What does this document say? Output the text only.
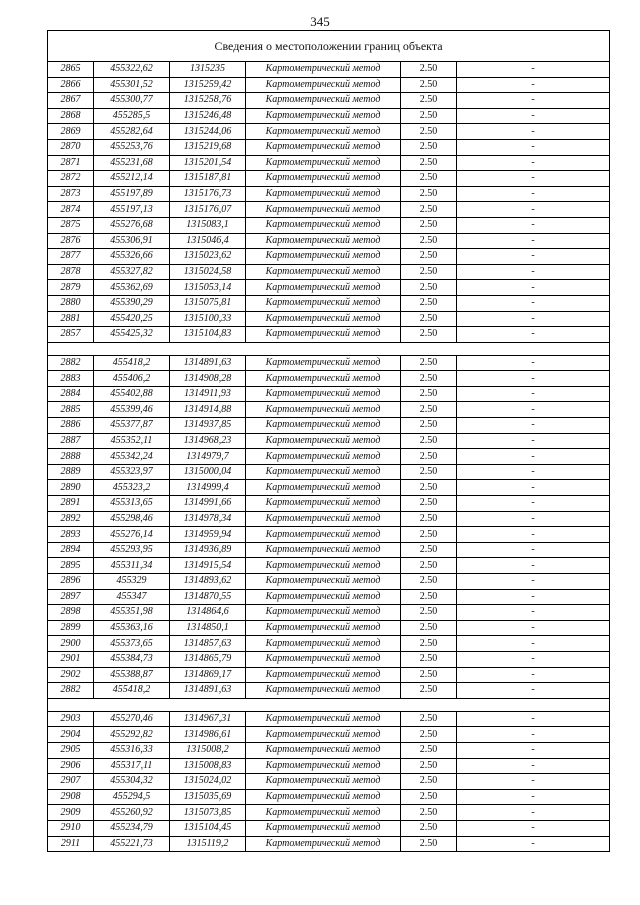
345
Сведения о местоположении границ объекта					
2865	455322,62	1315235	Картометрический метод	2.50	-
2866	455301,52	1315259,42	Картометрический метод	2.50	-
2867	455300,77	1315258,76	Картометрический метод	2.50	-
2868	455285,5	1315246,48	Картометрический метод	2.50	-
2869	455282,64	1315244,06	Картометрический метод	2.50	-
2870	455253,76	1315219,68	Картометрический метод	2.50	-
2871	455231,68	1315201,54	Картометрический метод	2.50	-
2872	455212,14	1315187,81	Картометрический метод	2.50	-
2873	455197,89	1315176,73	Картометрический метод	2.50	-
2874	455197,13	1315176,07	Картометрический метод	2.50	-
2875	455276,68	1315083,1	Картометрический метод	2.50	-
2876	455306,91	1315046,4	Картометрический метод	2.50	-
2877	455326,66	1315023,62	Картометрический метод	2.50	-
2878	455327,82	1315024,58	Картометрический метод	2.50	-
2879	455362,69	1315053,14	Картометрический метод	2.50	-
2880	455390,29	1315075,81	Картометрический метод	2.50	-
2881	455420,25	1315100,33	Картометрический метод	2.50	-
2857	455425,32	1315104,83	Картометрический метод	2.50	-

2882	455418,2	1314891,63	Картометрический метод	2.50	-
2883	455406,2	1314908,28	Картометрический метод	2.50	-
2884	455402,88	1314911,93	Картометрический метод	2.50	-
2885	455399,46	1314914,88	Картометрический метод	2.50	-
2886	455377,87	1314937,85	Картометрический метод	2.50	-
2887	455352,11	1314968,23	Картометрический метод	2.50	-
2888	455342,24	1314979,7	Картометрический метод	2.50	-
2889	455323,97	1315000,04	Картометрический метод	2.50	-
2890	455323,2	1314999,4	Картометрический метод	2.50	-
2891	455313,65	1314991,66	Картометрический метод	2.50	-
2892	455298,46	1314978,34	Картометрический метод	2.50	-
2893	455276,14	1314959,94	Картометрический метод	2.50	-
2894	455293,95	1314936,89	Картометрический метод	2.50	-
2895	455311,34	1314915,54	Картометрический метод	2.50	-
2896	455329	1314893,62	Картометрический метод	2.50	-
2897	455347	1314870,55	Картометрический метод	2.50	-
2898	455351,98	1314864,6	Картометрический метод	2.50	-
2899	455363,16	1314850,1	Картометрический метод	2.50	-
2900	455373,65	1314857,63	Картометрический метод	2.50	-
2901	455384,73	1314865,79	Картометрический метод	2.50	-
2902	455388,87	1314869,17	Картометрический метод	2.50	-
2882	455418,2	1314891,63	Картометрический метод	2.50	-

2903	455270,46	1314967,31	Картометрический метод	2.50	-
2904	455292,82	1314986,61	Картометрический метод	2.50	-
2905	455316,33	1315008,2	Картометрический метод	2.50	-
2906	455317,11	1315008,83	Картометрический метод	2.50	-
2907	455304,32	1315024,02	Картометрический метод	2.50	-
2908	455294,5	1315035,69	Картометрический метод	2.50	-
2909	455260,92	1315073,85	Картометрический метод	2.50	-
2910	455234,79	1315104,45	Картометрический метод	2.50	-
2911	455221,73	1315119,2	Картометрический метод	2.50	-
